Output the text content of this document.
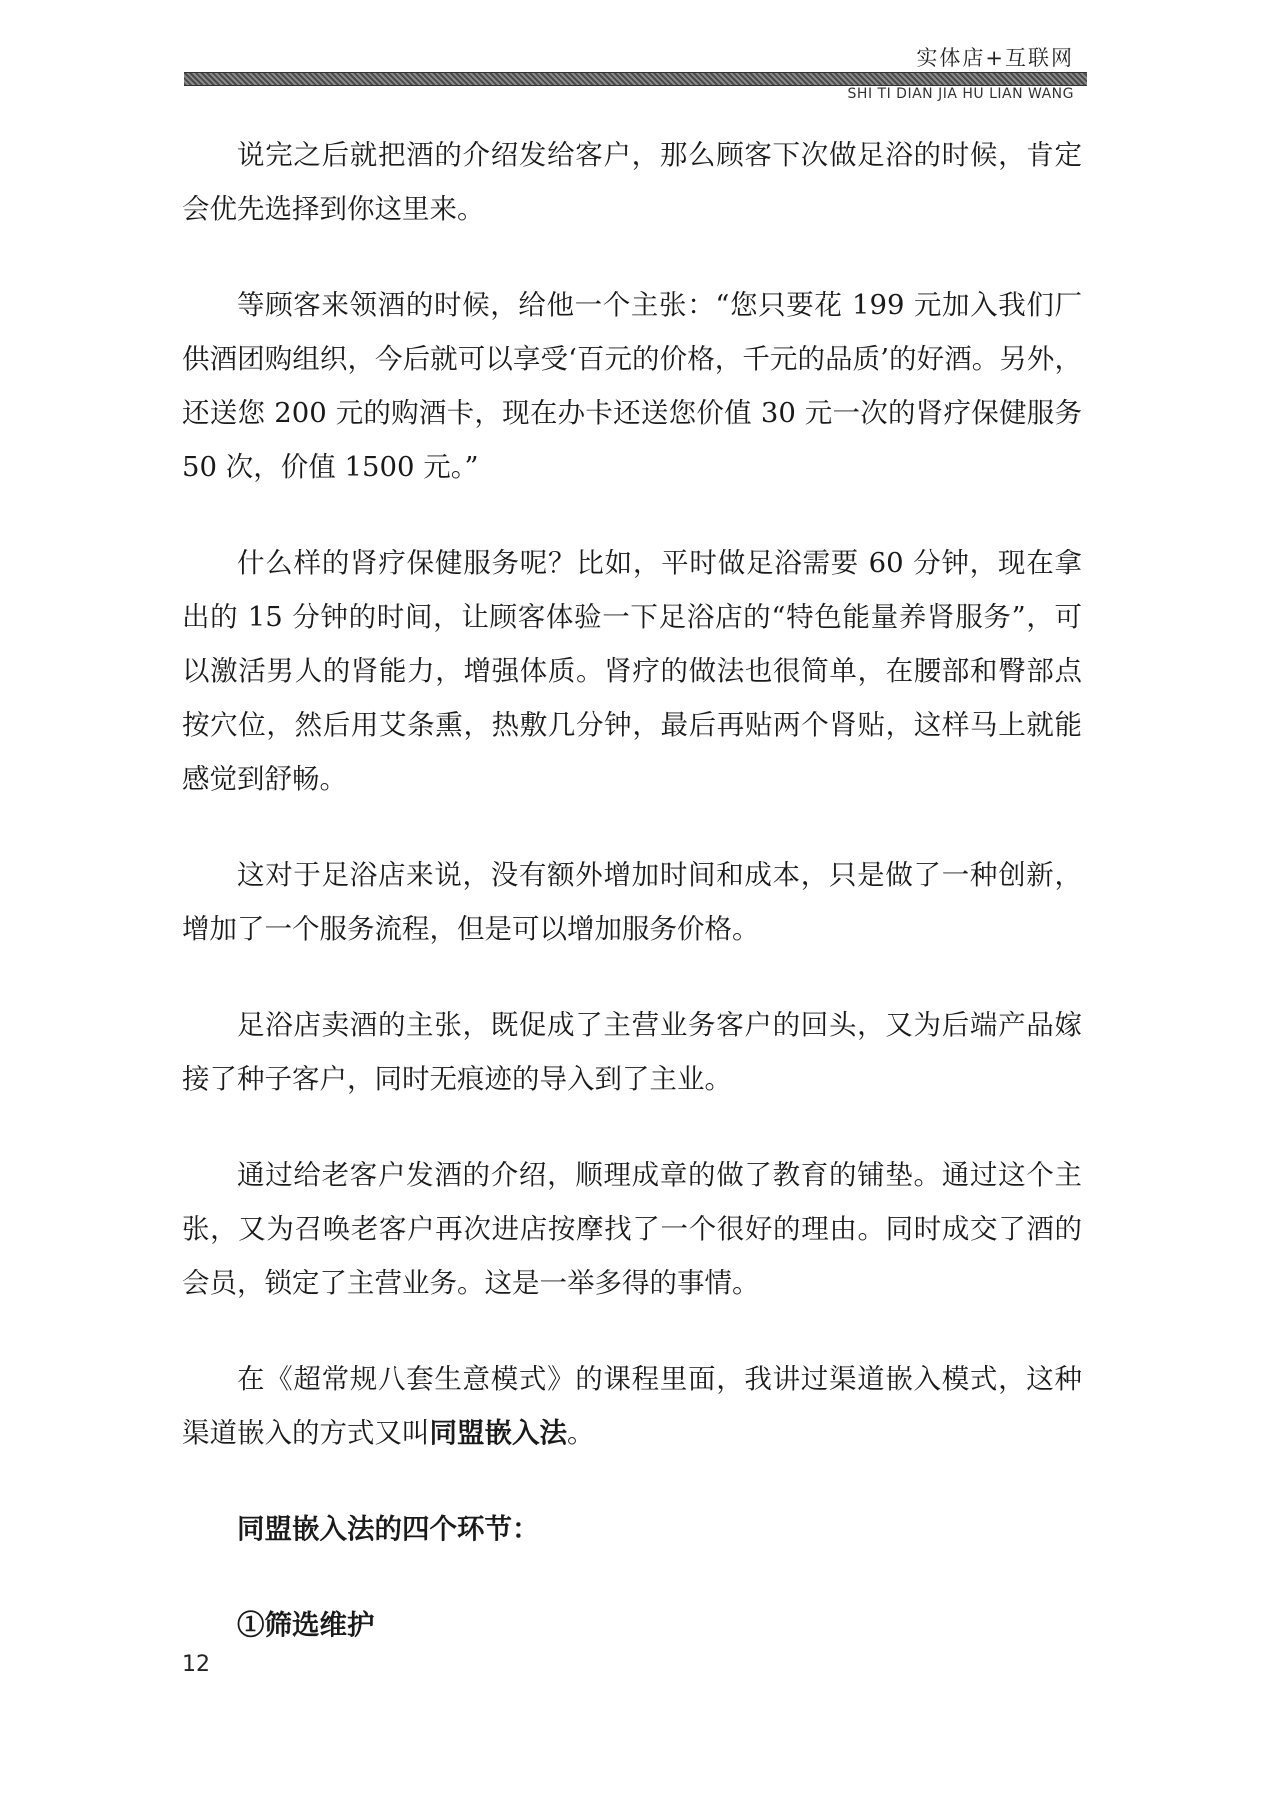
实体店+互联网
SHI TI DIAN JIA HU LIAN WANG

说完之后就把酒的介绍发给客户，那么顾客下次做足浴的时候，肯定会优先选择到你这里来。

等顾客来领酒的时候，给他一个主张：“您只要花 199 元加入我们厂供酒团购组织，今后就可以享受‘百元的价格，千元的品质’的好酒。另外，还送您 200 元的购酒卡，现在办卡还送您价值 30 元一次的肾疗保健服务 50 次，价值 1500 元。”

什么样的肾疗保健服务呢？比如，平时做足浴需要 60 分钟，现在拿出的 15 分钟的时间，让顾客体验一下足浴店的“特色能量养肾服务”，可以激活男人的肾能力，增强体质。肾疗的做法也很简单，在腰部和臀部点按穴位，然后用艾条熏，热敷几分钟，最后再贴两个肾贴，这样马上就能感觉到舒畅。

这对于足浴店来说，没有额外增加时间和成本，只是做了一种创新，增加了一个服务流程，但是可以增加服务价格。

足浴店卖酒的主张，既促成了主营业务客户的回头，又为后端产品嫁接了种子客户，同时无痕迹的导入到了主业。

通过给老客户发酒的介绍，顺理成章的做了教育的铺垫。通过这个主张，又为召唤老客户再次进店按摩找了一个很好的理由。同时成交了酒的会员，锁定了主营业务。这是一举多得的事情。

在《超常规八套生意模式》的课程里面，我讲过渠道嵌入模式，这种渠道嵌入的方式又叫同盟嵌入法。

同盟嵌入法的四个环节：

①筛选维护

12
